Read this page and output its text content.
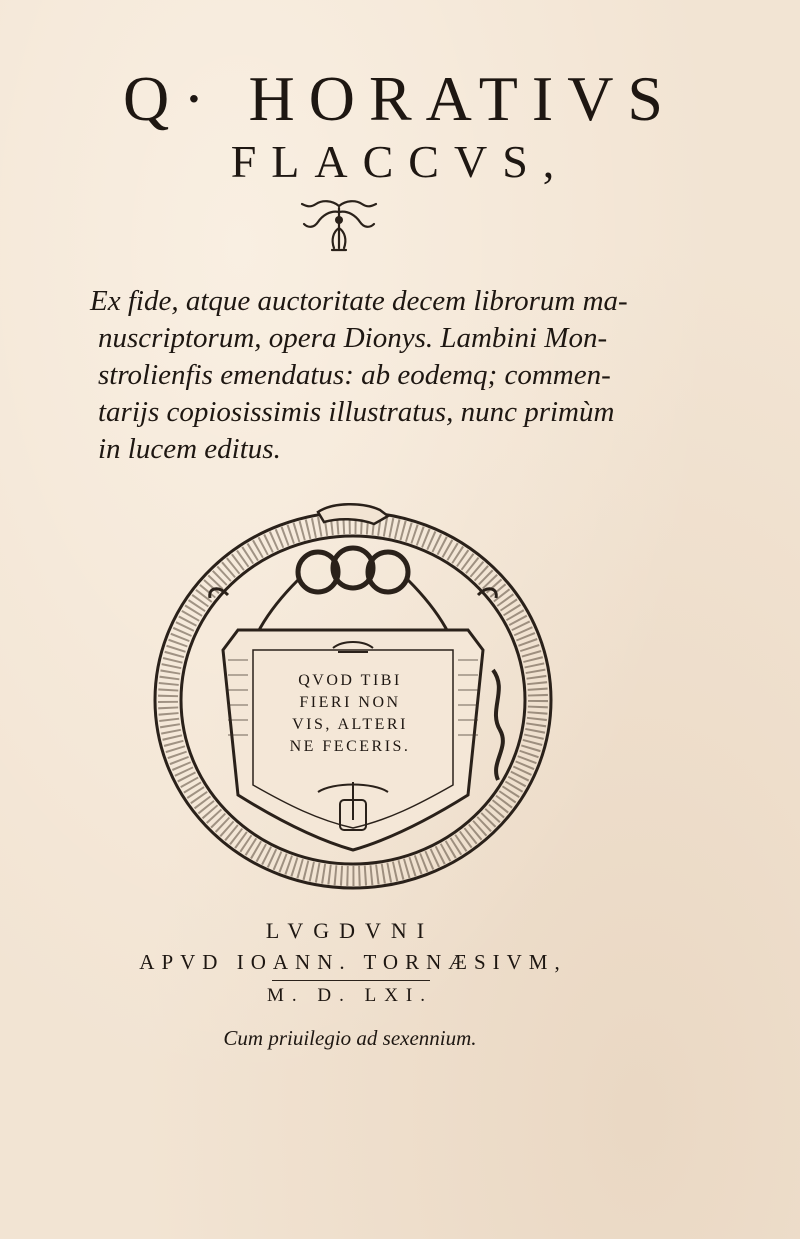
Q· HORATIVS
FLACCVS,
Ex fide, atque auctoritate decem librorum ma-
nuscriptorum, opera Dionys. Lambini Mon-
strolienfis emendatus: ab eodemq; commen-
tarijs copiosissimis illustratus, nunc primùm
in lucem editus.
QVOD TIBI
FIERI NON
VIS, ALTERI
NE FECERIS.
LVGDVNI
APVD IOANN. TORNÆSIVM,
M. D. LXI.
Cum priuilegio ad sexennium.
